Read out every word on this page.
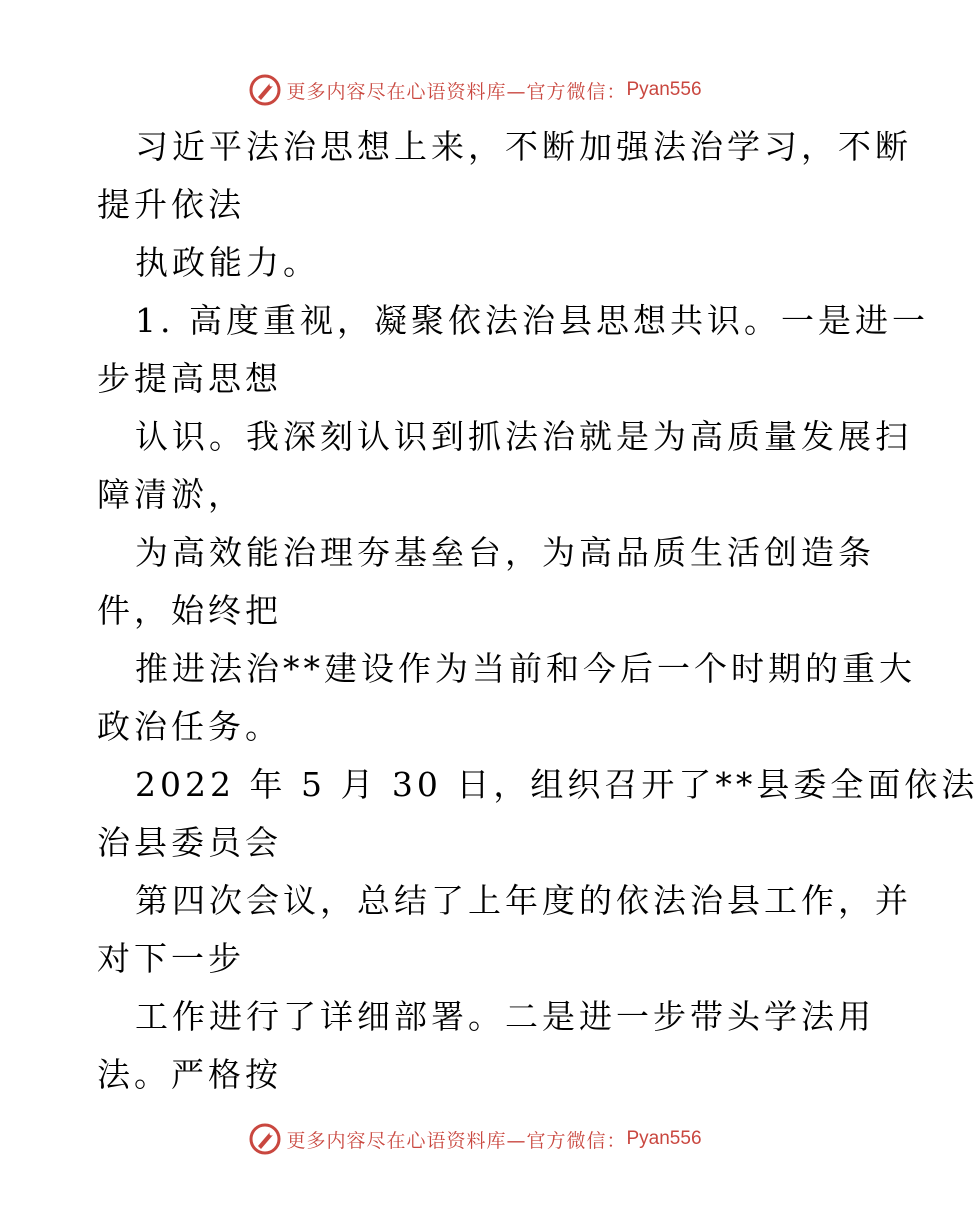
更多内容尽在心语资料库—官方微信： Pyan556
习近平法治思想上来，不断加强法治学习，不断
提升依法
执政能力。
1. 高度重视，凝聚依法治县思想共识。一是进一
步提高思想
认识。我深刻认识到抓法治就是为高质量发展扫
障清淤，
为高效能治理夯基垒台，为高品质生活创造条
件，始终把
推进法治**建设作为当前和今后一个时期的重大
政治任务。
2022 年 5 月 30 日，组织召开了**县委全面依法
治县委员会
第四次会议，总结了上年度的依法治县工作，并
对下一步
工作进行了详细部署。二是进一步带头学法用
法。严格按
更多内容尽在心语资料库—官方微信： Pyan556
